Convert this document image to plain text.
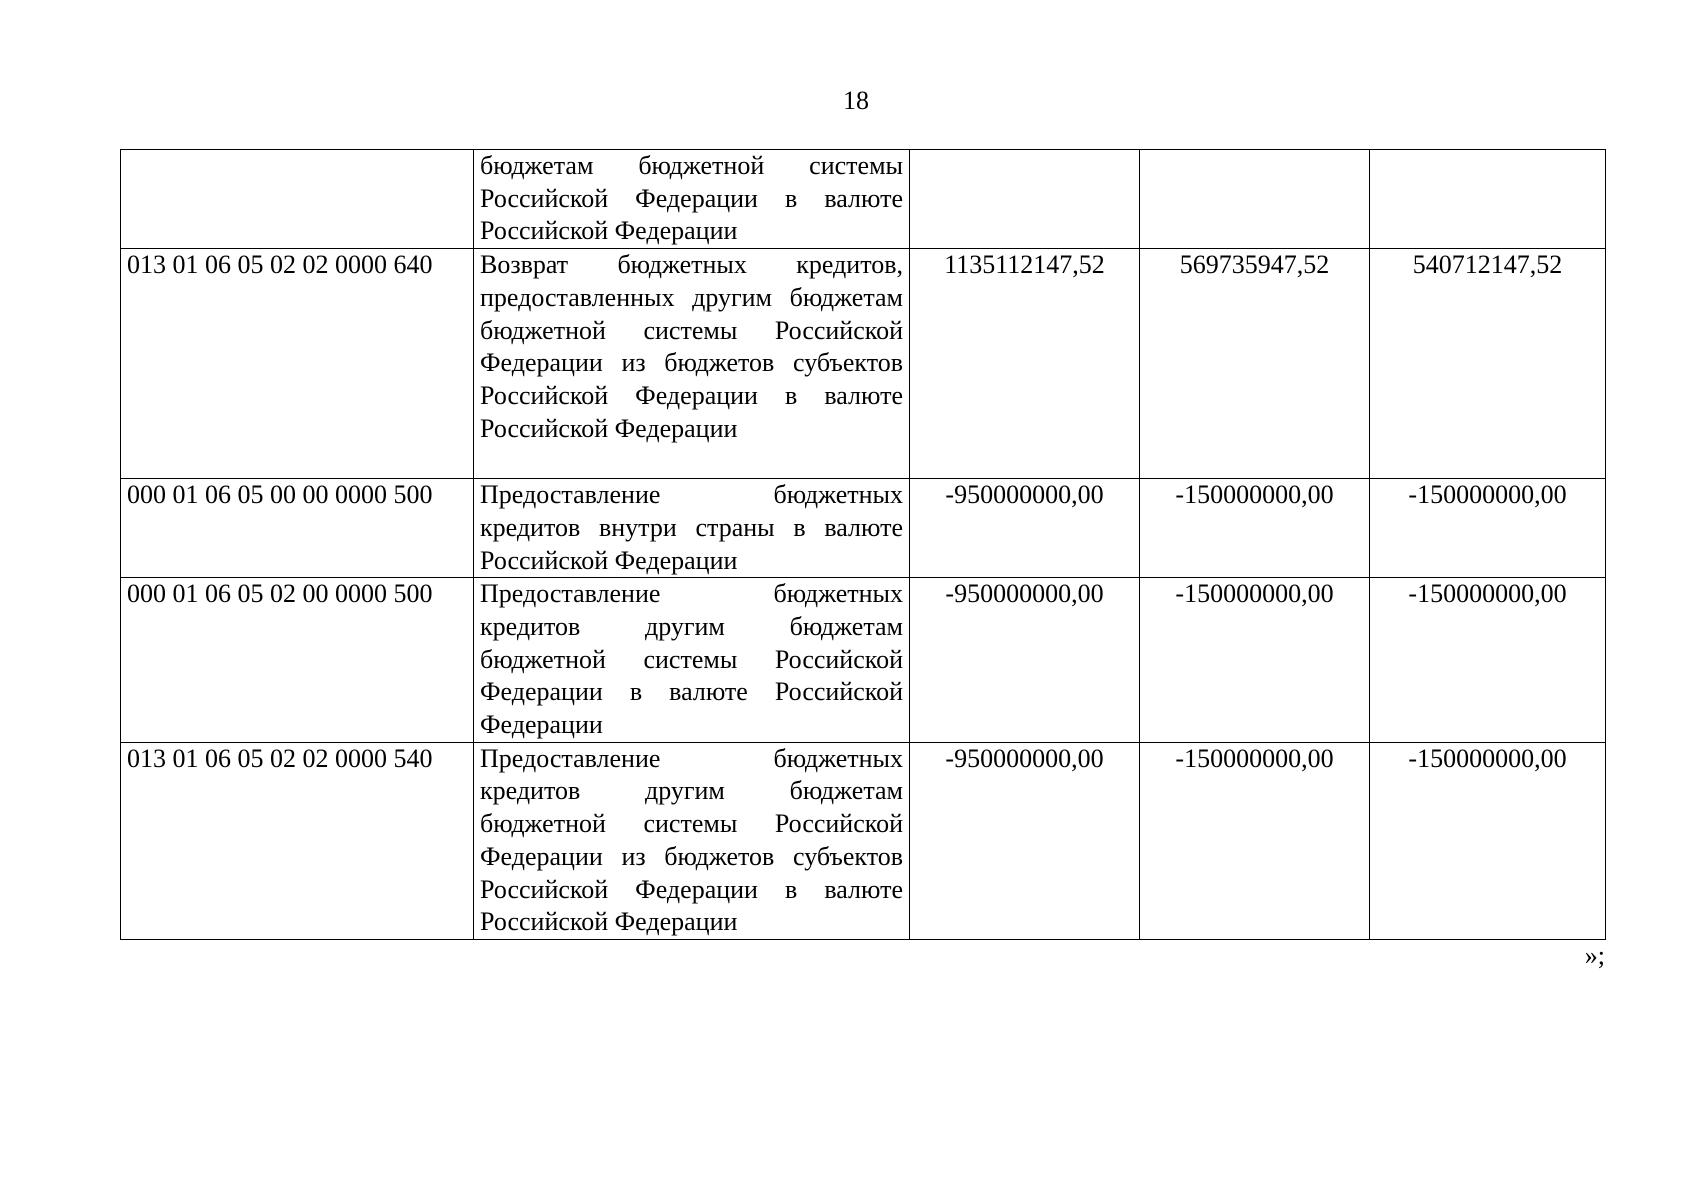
18
	бюджетам бюджетной системы Российской Федерации в валюте Российской Федерации			
013 01 06 05 02 02 0000 640	Возврат бюджетных кредитов, предоставленных другим бюджетам бюджетной системы Российской Федерации из бюджетов субъектов Российской Федерации в валюте Российской Федерации	1135112147,52	569735947,52	540712147,52
000 01 06 05 00 00 0000 500	Предоставление бюджетных кредитов внутри страны в валюте Российской Федерации	-950000000,00	-150000000,00	-150000000,00
000 01 06 05 02 00 0000 500	Предоставление бюджетных кредитов другим бюджетам бюджетной системы Российской Федерации в валюте Российской Федерации	-950000000,00	-150000000,00	-150000000,00
013 01 06 05 02 02 0000 540	Предоставление бюджетных кредитов другим бюджетам бюджетной системы Российской Федерации из бюджетов субъектов Российской Федерации в валюте Российской Федерации	-950000000,00	-150000000,00	-150000000,00
»;
